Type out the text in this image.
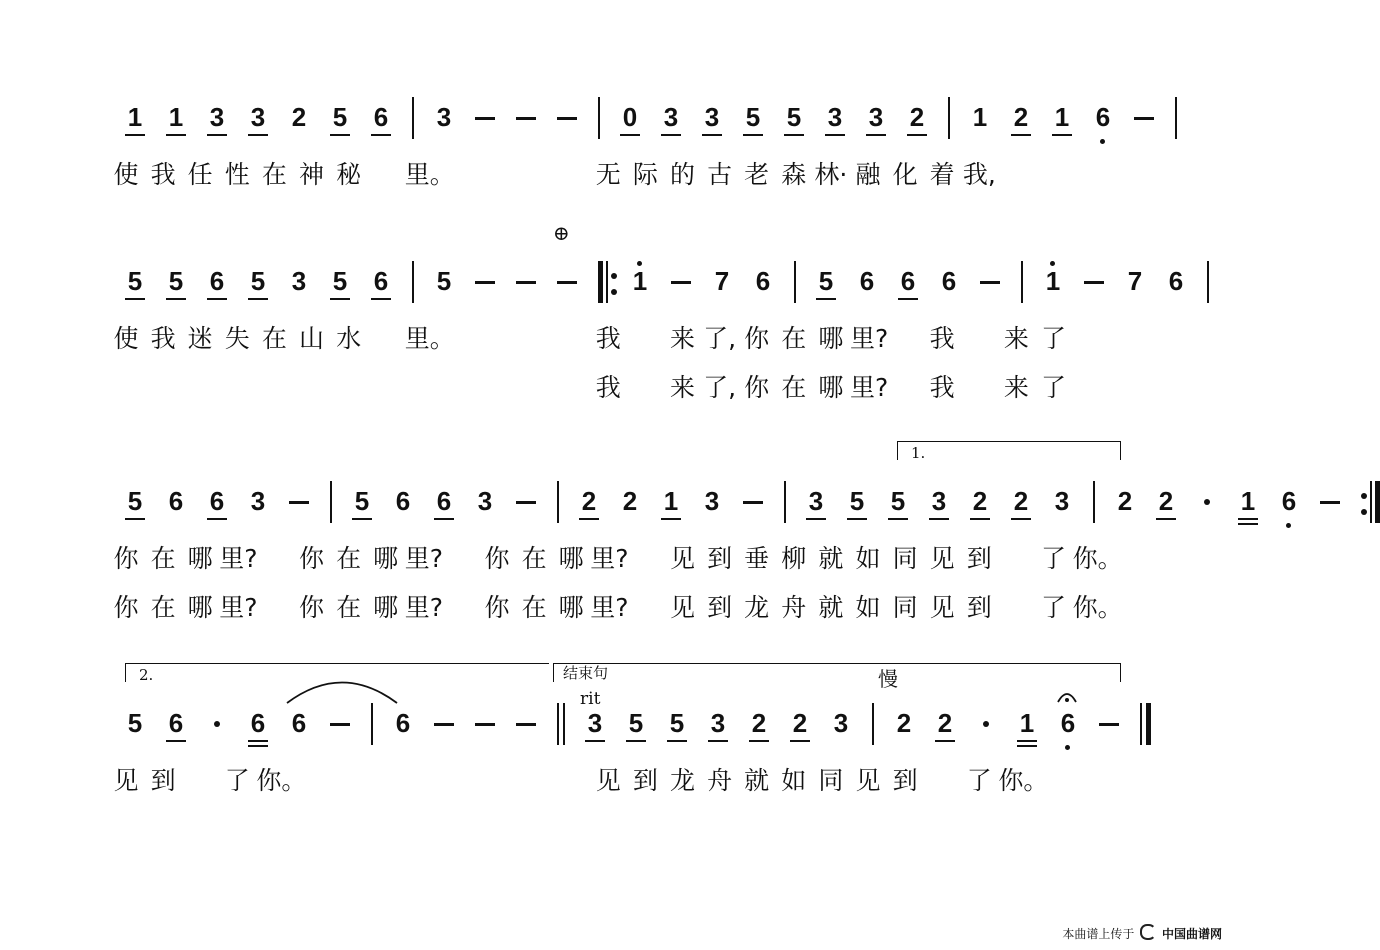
⊕
1.
2.	结束句
rit
慢
1 1 3 3 2 5 6 3	0 3 3 5 5 3 3 2 1 2 1 6
使 我 任 性 在 神 秘 里。	无 际 的 古 老 森 林· 融 化 着 我,
5 5 6 5 3 5 6 5	1	7 6 5 6 6 6	1	7 6
使 我 迷 失 在 山 水 里。	我 来 了, 你 在 哪 里? 我 来 了
我 来 了, 你 在 哪 里? 我 来 了
5 6 6 3	5 6 6 3	2 2 1 3	3 5 5 3 2 2 3 2 2	1 6
你 在 哪 里? 你 在 哪 里? 你 在 哪 里? 见 到 垂 柳 就 如 同 见 到 了 你。
你 在 哪 里? 你 在 哪 里? 你 在 哪 里? 见 到 龙 舟 就 如 同 见 到 了 你。
5 6	6 6	6	3 5 5 3 2 2 3 2 2	1 6
见 到 了 你。	见 到 龙 舟 就 如 同 见 到 了 你。
本曲谱上传于 中国曲谱网
